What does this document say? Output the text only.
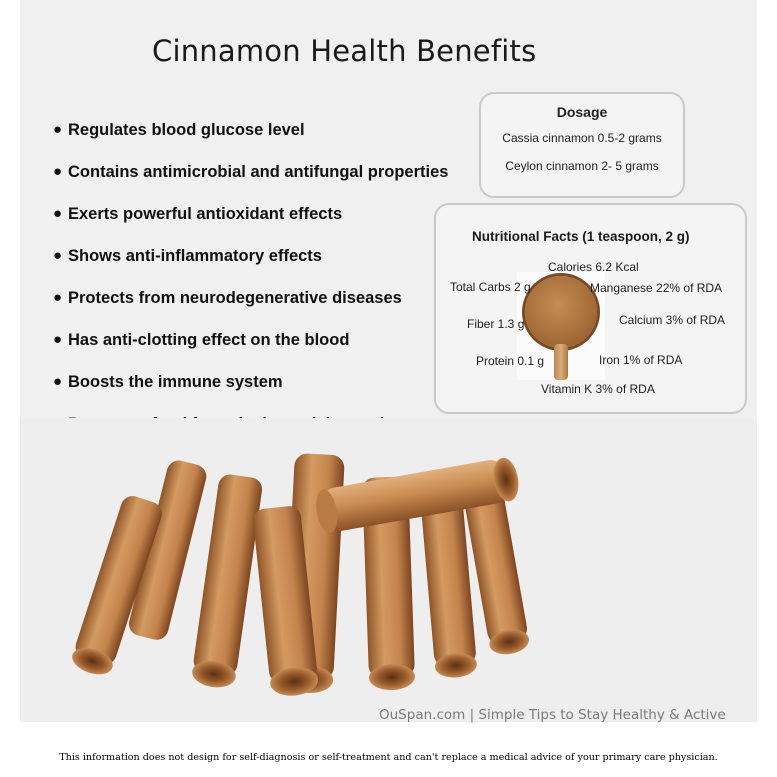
Cinnamon Health Benefits
● Regulates blood glucose level
● Contains antimicrobial and antifungal properties
● Exerts powerful antioxidant effects
● Shows anti-inflammatory effects
● Protects from neurodegenerative diseases
● Has anti-clotting effect on the blood
● Boosts the immune system
Dosage
Cassia cinnamon 0.5-2 grams
Ceylon cinnamon 2- 5 grams
OuSpan.com | Simple Tips to Stay Healthy & Active
Nutritional Facts (1 teaspoon, 2 g)
Calories 6.2 Kcal
Total Carbs 2 g	Manganese 22% of RDA
Fiber 1.3 g	Calcium 3% of RDA
Protein 0.1 g	Iron 1% of RDA
Vitamin K 3% of RDA
This information does not design for self-diagnosis or self-treatment and can't replace a medical advice of your primary care physician.
